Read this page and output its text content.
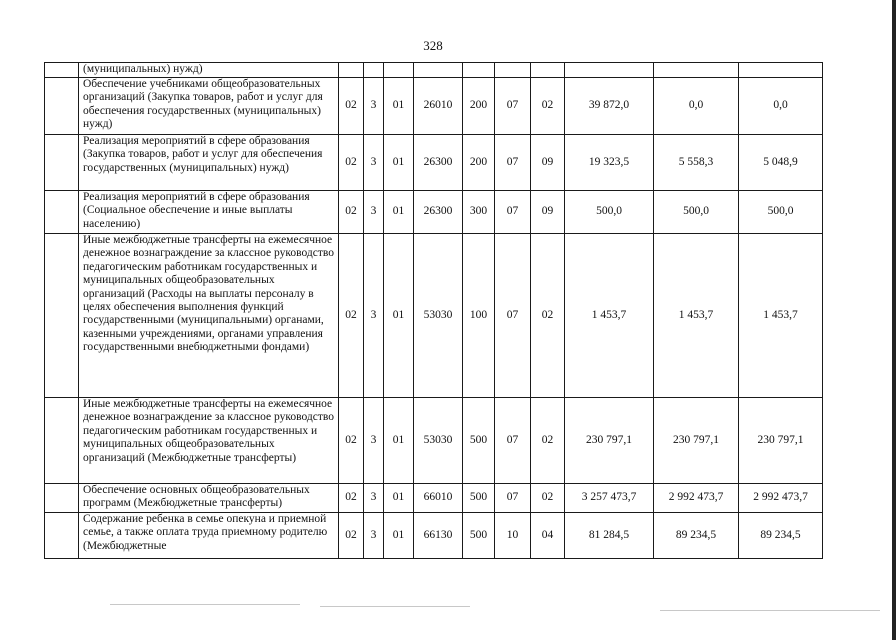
328
	(муниципальных) нужд)										
	Обеспечение учебниками общеобразовательных организаций (Закупка товаров, работ и услуг для обеспечения государственных (муниципальных) нужд)	02	3	01	26010	200	07	02	39 872,0	0,0	0,0
	Реализация мероприятий в сфере образования (Закупка товаров, работ и услуг для обеспечения государственных (муниципальных) нужд)	02	3	01	26300	200	07	09	19 323,5	5 558,3	5 048,9
	Реализация мероприятий в сфере образования (Социальное обеспечение и иные выплаты населению)	02	3	01	26300	300	07	09	500,0	500,0	500,0
	Иные межбюджетные трансферты на ежемесячное денежное вознаграждение за классное руководство педагогическим работникам государственных и муниципальных общеобразовательных организаций (Расходы на выплаты персоналу в целях обеспечения выполнения функций государственными (муниципальными) органами, казенными учреждениями, органами управления государственными внебюджетными фондами)	02	3	01	53030	100	07	02	1 453,7	1 453,7	1 453,7
	Иные межбюджетные трансферты на ежемесячное денежное вознаграждение за классное руководство педагогическим работникам государственных и муниципальных общеобразовательных организаций (Межбюджетные трансферты)	02	3	01	53030	500	07	02	230 797,1	230 797,1	230 797,1
	Обеспечение основных общеобразовательных программ (Межбюджетные трансферты)	02	3	01	66010	500	07	02	3 257 473,7	2 992 473,7	2 992 473,7
	Содержание ребенка в семье опекуна и приемной семье, а также оплата труда приемному родителю (Межбюджетные	02	3	01	66130	500	10	04	81 284,5	89 234,5	89 234,5
